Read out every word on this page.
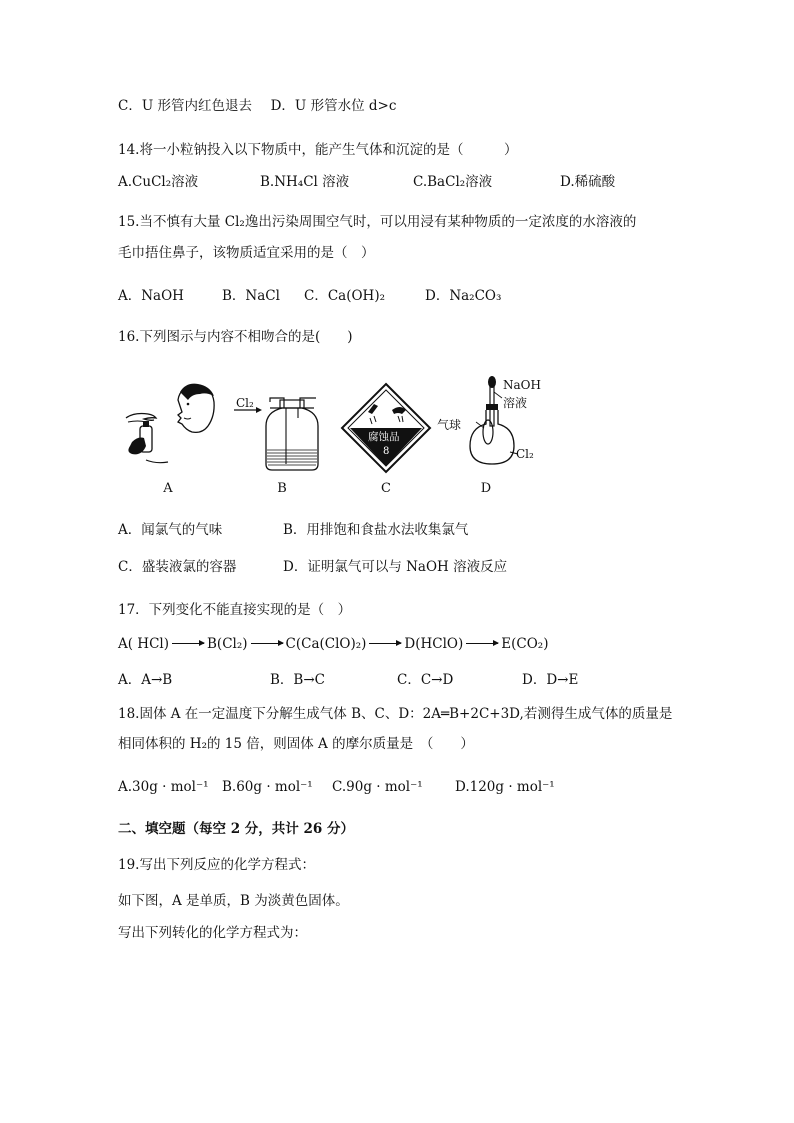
C．U 形管内红色退去 D．U 形管水位 d>c
14.将一小粒钠投入以下物质中，能产生气体和沉淀的是（　　　）
A.CuCl₂溶液	B.NH₄Cl 溶液	C.BaCl₂溶液	D.稀硫酸
15.当不慎有大量 Cl₂逸出污染周围空气时，可以用浸有某种物质的一定浓度的水溶液的
毛巾捂住鼻子，该物质适宜采用的是（　）
A．NaOH	B．NaCl C．Ca(OH)₂	D．Na₂CO₃
16.下列图示与内容不相吻合的是(　　)
A
Cl₂
B
腐蚀品
8
C
NaOH
溶液
气球
Cl₂
D
A．闻氯气的气味	B．用排饱和食盐水法收集氯气
C．盛装液氯的容器	D．证明氯气可以与 NaOH 溶液反应
17．下列变化不能直接实现的是（　）
A( HCl)	B(Cl₂)	C(Ca(ClO)₂)	D(HClO)	E(CO₂)
A．A→B	B．B→C	C．C→D	D．D→E
18.固体 A 在一定温度下分解生成气体 B、C、D：2A═B+2C+3D,若测得生成气体的质量是
相同体积的 H₂的 15 倍，则固体 A 的摩尔质量是　（　　）
A.30g · mol⁻¹ B.60g · mol⁻¹ C.90g · mol⁻¹ D.120g · mol⁻¹
二、填空题（每空 2 分，共计 26 分）
19.写出下列反应的化学方程式：
如下图，A 是单质，B 为淡黄色固体。
写出下列转化的化学方程式为：
